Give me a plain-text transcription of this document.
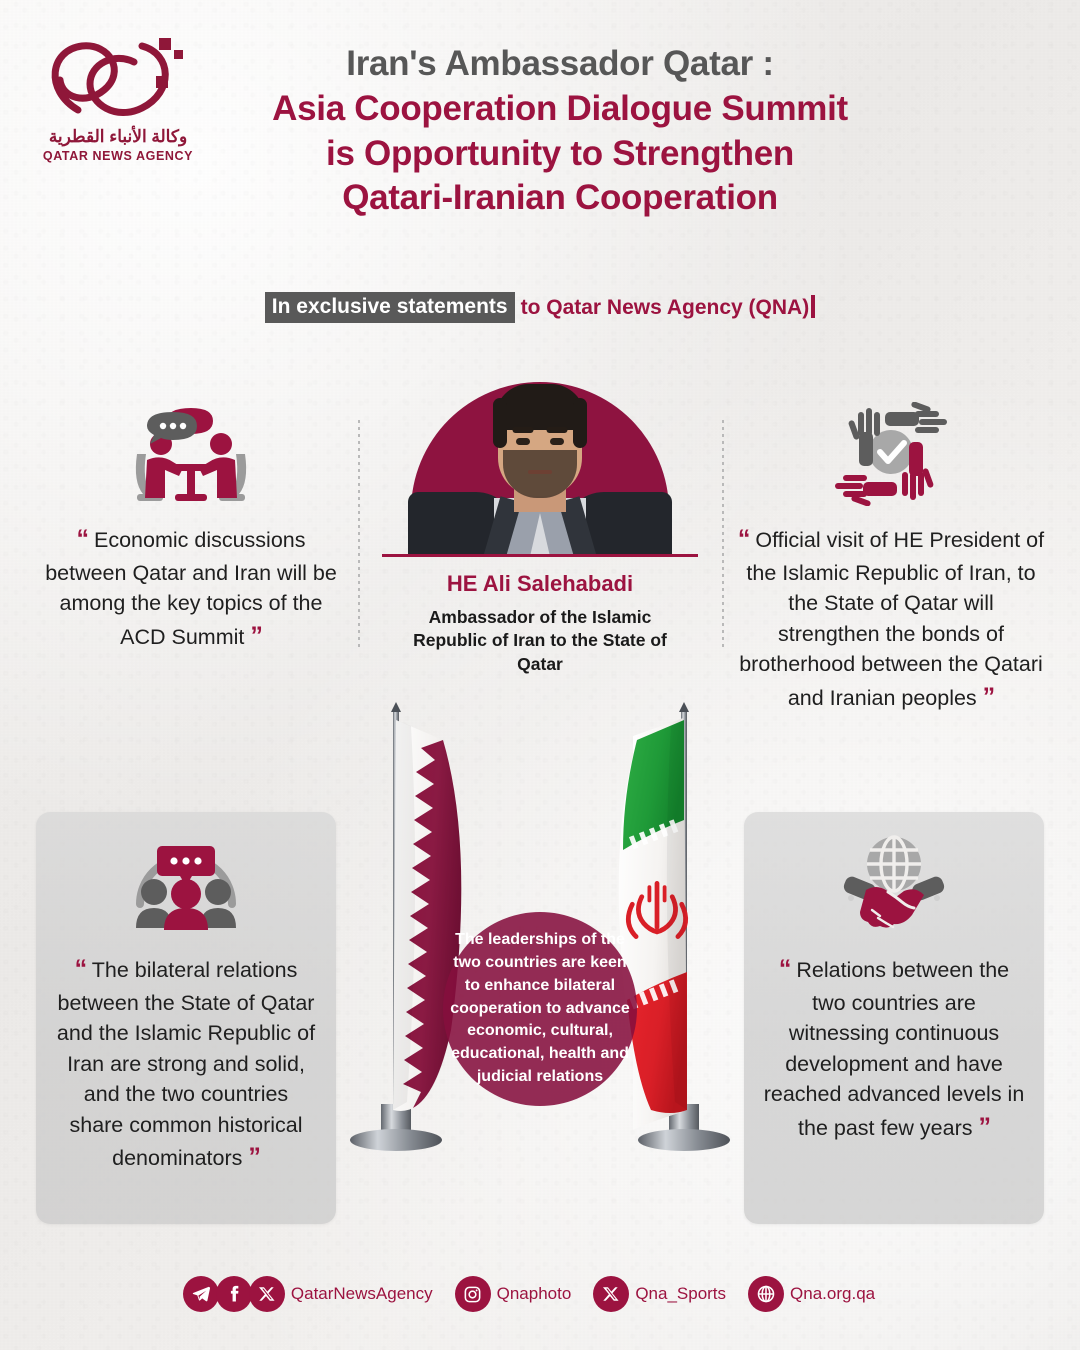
وكالة الأنباء القطرية
QATAR NEWS AGENCY
Iran's Ambassador Qatar :
Asia Cooperation Dialogue Summit
is Opportunity to Strengthen
Qatari-Iranian Cooperation
In exclusive statements to Qatar News Agency (QNA)
“ Economic discussions between Qatar and Iran will be among the key topics of the ACD Summit ”
“ Official visit of HE President of the Islamic Republic of Iran, to the State of Qatar will strengthen the bonds of brotherhood between the Qatari and Iranian peoples ”
HE Ali Salehabadi
Ambassador of the Islamic Republic of Iran to the State of Qatar
The leaderships of the two countries are keen to enhance bilateral cooperation to advance economic, cultural, educational, health and judicial relations
“ The bilateral relations between the State of Qatar and the Islamic Republic of Iran are strong and solid, and the two countries share common historical denominators ”
“ Relations between the two countries are witnessing continuous development and have reached advanced levels in the past few years ”
QatarNewsAgency	Qnaphoto	Qna_Sports	Qna.org.qa
